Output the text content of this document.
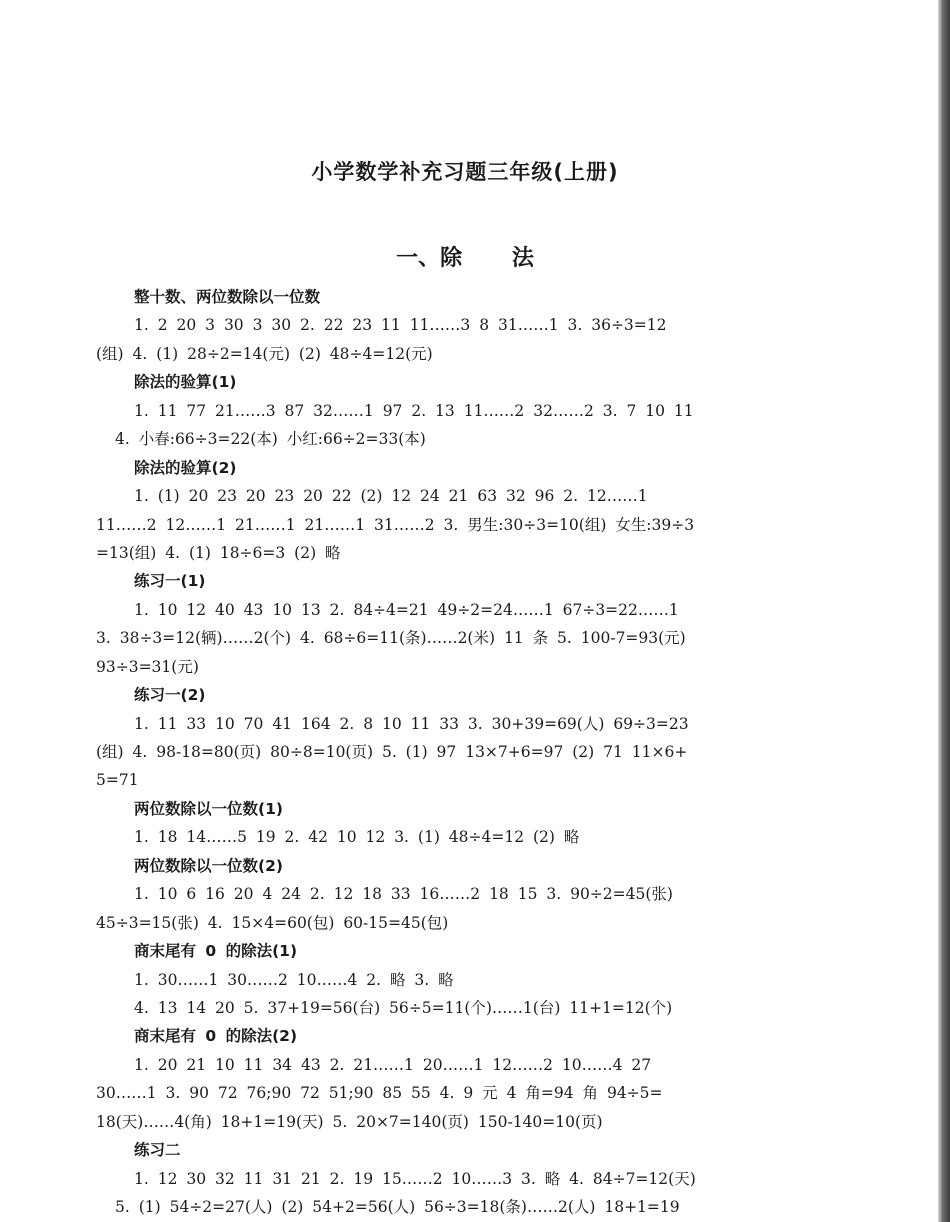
小学数学补充习题三年级(上册)
一、除 法
整十数、两位数除以一位数
1. 2 20 3 30 3 30 2. 22 23 11 11……3 8 31……1 3. 36÷3=12
(组) 4. (1) 28÷2=14(元) (2) 48÷4=12(元)
除法的验算(1)
1. 11 77 21……3 87 32……1 97 2. 13 11……2 32……2 3. 7 10 11
4. 小春:66÷3=22(本) 小红:66÷2=33(本)
除法的验算(2)
1. (1) 20 23 20 23 20 22 (2) 12 24 21 63 32 96 2. 12……1
11……2 12……1 21……1 21……1 31……2 3. 男生:30÷3=10(组) 女生:39÷3
=13(组) 4. (1) 18÷6=3 (2) 略
练习一(1)
1. 10 12 40 43 10 13 2. 84÷4=21 49÷2=24……1 67÷3=22……1
3. 38÷3=12(辆)……2(个) 4. 68÷6=11(条)……2(米) 11 条 5. 100-7=93(元)
93÷3=31(元)
练习一(2)
1. 11 33 10 70 41 164 2. 8 10 11 33 3. 30+39=69(人) 69÷3=23
(组) 4. 98-18=80(页) 80÷8=10(页) 5. (1) 97 13×7+6=97 (2) 71 11×6+
5=71
两位数除以一位数(1)
1. 18 14……5 19 2. 42 10 12 3. (1) 48÷4=12 (2) 略
两位数除以一位数(2)
1. 10 6 16 20 4 24 2. 12 18 33 16……2 18 15 3. 90÷2=45(张)
45÷3=15(张) 4. 15×4=60(包) 60-15=45(包)
商末尾有 0 的除法(1)
1. 30……1 30……2 10……4 2. 略 3. 略
4. 13 14 20 5. 37+19=56(台) 56÷5=11(个)……1(台) 11+1=12(个)
商末尾有 0 的除法(2)
1. 20 21 10 11 34 43 2. 21……1 20……1 12……2 10……4 27
30……1 3. 90 72 76;90 72 51;90 85 55 4. 9 元 4 角=94 角 94÷5=
18(天)……4(角) 18+1=19(天) 5. 20×7=140(页) 150-140=10(页)
练习二
1. 12 30 32 11 31 21 2. 19 15……2 10……3 3. 略 4. 84÷7=12(天)
5. (1) 54÷2=27(人) (2) 54+2=56(人) 56÷3=18(条)……2(人) 18+1=19
